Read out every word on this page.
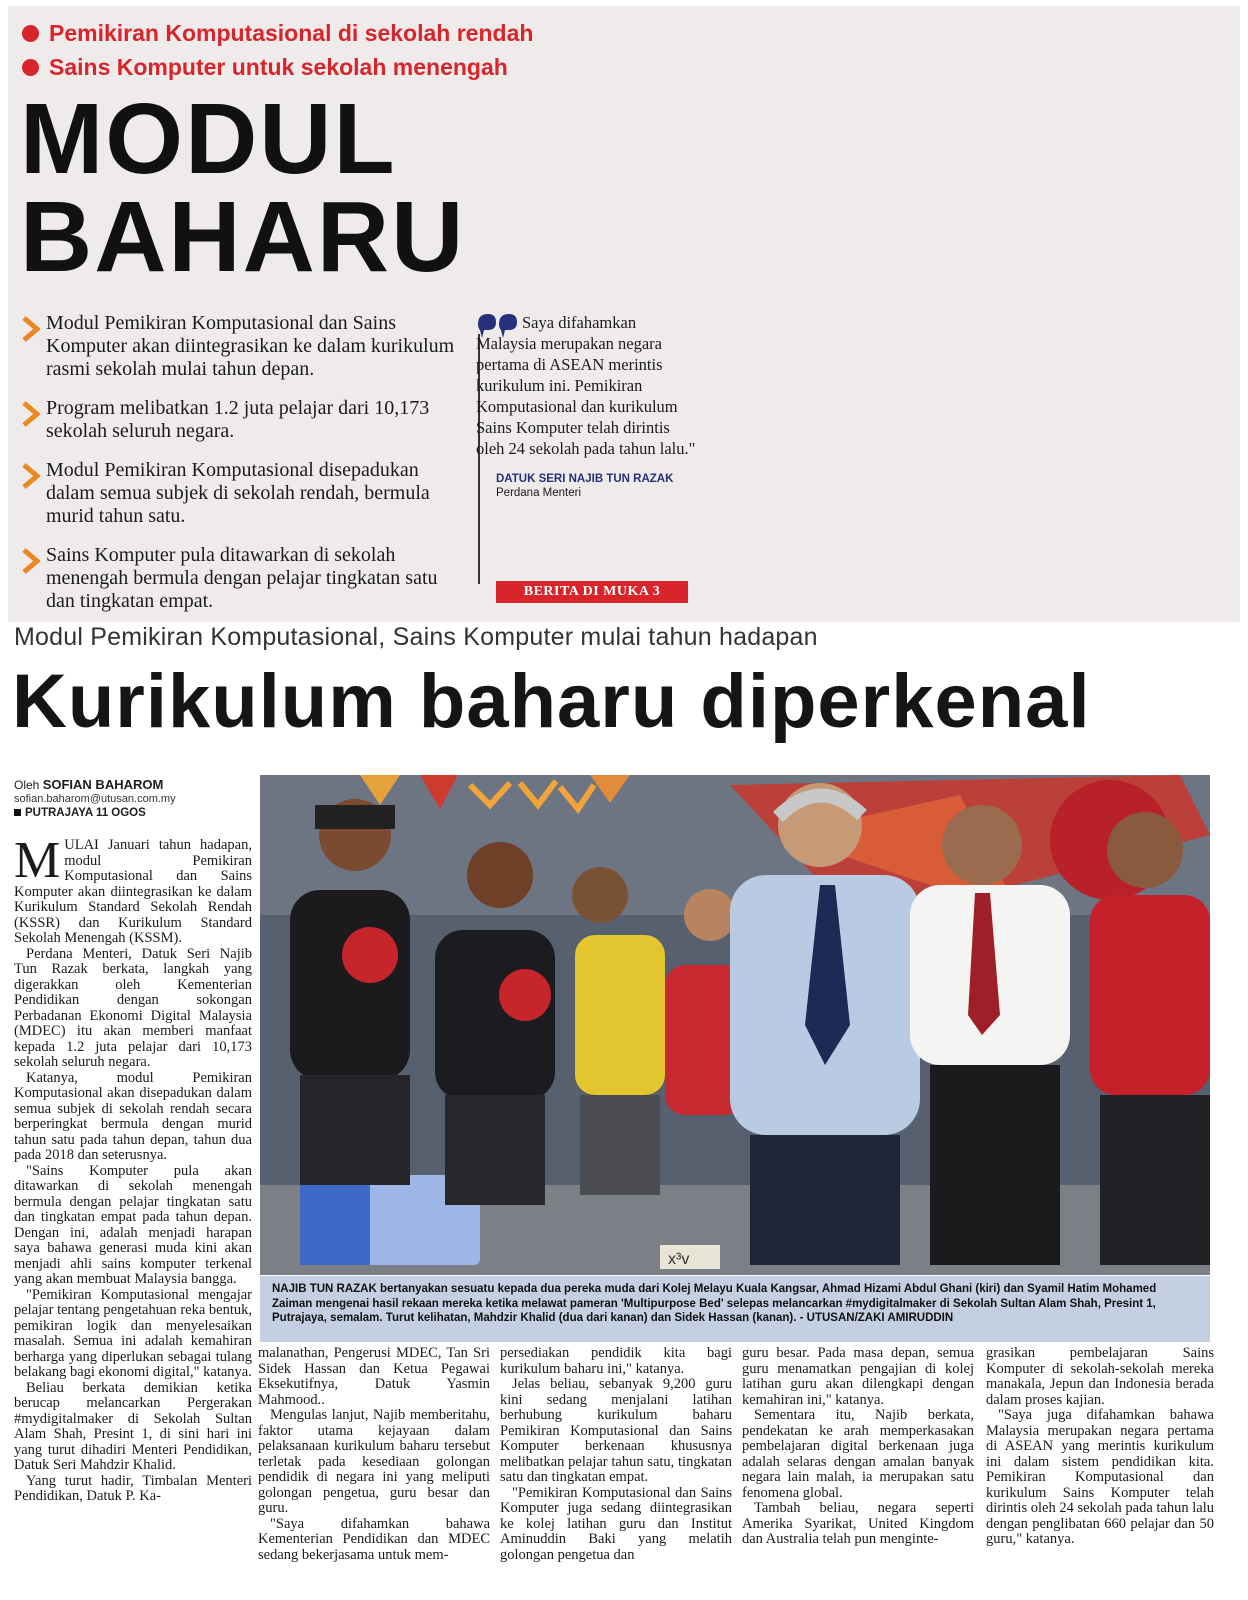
Pemikiran Komputasional di sekolah rendah
Sains Komputer untuk sekolah menengah
MODUL
BAHARU
Modul Pemikiran Komputasional dan Sains Komputer akan diintegrasikan ke dalam kurikulum rasmi sekolah mulai tahun depan.
Program melibatkan 1.2 juta pelajar dari 10,173 sekolah seluruh negara.
Modul Pemikiran Komputasional disepadukan dalam semua subjek di sekolah rendah, bermula murid tahun satu.
Sains Komputer pula ditawarkan di sekolah menengah bermula dengan pelajar tingkatan satu dan tingkatan empat.
Saya difahamkan Malaysia merupakan negara pertama di ASEAN merintis kurikulum ini. Pemikiran Komputasional dan kurikulum Sains Komputer telah dirintis oleh 24 sekolah pada tahun lalu."
DATUK SERI NAJIB TUN RAZAK
Perdana Menteri
BERITA DI MUKA 3
Modul Pemikiran Komputasional, Sains Komputer mulai tahun hadapan
Kurikulum baharu diperkenal
Oleh SOFIAN BAHAROM
sofian.baharom@utusan.com.my
PUTRAJAYA 11 OGOS
x³v
NAJIB TUN RAZAK bertanyakan sesuatu kepada dua pereka muda dari Kolej Melayu Kuala Kangsar, Ahmad Hizami Abdul Ghani (kiri) dan Syamil Hatim Mohamed Zaiman mengenai hasil rekaan mereka ketika melawat pameran 'Multipurpose Bed' selepas melancarkan #mydigitalmaker di Sekolah Sultan Alam Shah, Presint 1, Putrajaya, semalam. Turut kelihatan, Mahdzir Khalid (dua dari kanan) dan Sidek Hassan (kanan). - UTUSAN/ZAKI AMIRUDDIN

MULAI Januari tahun hadapan, modul Pemikiran Komputasional dan Sains Komputer akan diintegrasikan ke dalam Kurikulum Standard Sekolah Rendah (KSSR) dan Kurikulum Standard Sekolah Menengah (KSSM).

Perdana Menteri, Datuk Seri Najib Tun Razak berkata, langkah yang digerakkan oleh Kementerian Pendidikan dengan sokongan Perbadanan Ekonomi Digital Malaysia (MDEC) itu akan memberi manfaat kepada 1.2 juta pelajar dari 10,173 sekolah seluruh negara.

Katanya, modul Pemikiran Komputasional akan disepadukan dalam semua subjek di sekolah rendah secara berperingkat bermula dengan murid tahun satu pada tahun depan, tahun dua pada 2018 dan seterusnya.

"Sains Komputer pula akan ditawarkan di sekolah menengah bermula dengan pelajar tingkatan satu dan tingkatan empat pada tahun depan. Dengan ini, adalah menjadi harapan saya bahawa generasi muda kini akan menjadi ahli sains komputer terkenal yang akan membuat Malaysia bangga.

"Pemikiran Komputasional mengajar pelajar tentang pengetahuan reka bentuk, pemikiran logik dan menyelesaikan masalah. Semua ini adalah kemahiran berharga yang diperlukan sebagai tulang belakang bagi ekonomi digital," katanya.

Beliau berkata demikian ketika berucap melancarkan Pergerakan #mydigitalmaker di Sekolah Sultan Alam Shah, Presint 1, di sini hari ini yang turut dihadiri Menteri Pendidikan, Datuk Seri Mahdzir Khalid.

Yang turut hadir, Timbalan Menteri Pendidikan, Datuk P. Ka-

malanathan, Pengerusi MDEC, Tan Sri Sidek Hassan dan Ketua Pegawai Eksekutifnya, Datuk Yasmin Mahmood..

Mengulas lanjut, Najib memberitahu, faktor utama kejayaan dalam pelaksanaan kurikulum baharu tersebut terletak pada kesediaan golongan pendidik di negara ini yang meliputi golongan pengetua, guru besar dan guru.

"Saya difahamkan bahawa Kementerian Pendidikan dan MDEC sedang bekerjasama untuk mem-

persediakan pendidik kita bagi kurikulum baharu ini," katanya.

Jelas beliau, sebanyak 9,200 guru kini sedang menjalani latihan berhubung kurikulum baharu Pemikiran Komputasional dan Sains Komputer berkenaan khususnya melibatkan pelajar tahun satu, tingkatan satu dan tingkatan empat.

"Pemikiran Komputasional dan Sains Komputer juga sedang diintegrasikan ke kolej latihan guru dan Institut Aminuddin Baki yang melatih golongan pengetua dan

guru besar. Pada masa depan, semua guru menamatkan pengajian di kolej latihan guru akan dilengkapi dengan kemahiran ini," katanya.

Sementara itu, Najib berkata, pendekatan ke arah memperkasakan pembelajaran digital berkenaan juga adalah selaras dengan amalan banyak negara lain malah, ia merupakan satu fenomena global.

Tambah beliau, negara seperti Amerika Syarikat, United Kingdom dan Australia telah pun menginte-

grasikan pembelajaran Sains Komputer di sekolah-sekolah mereka manakala, Jepun dan Indonesia berada dalam proses kajian.

"Saya juga difahamkan bahawa Malaysia merupakan negara pertama di ASEAN yang merintis kurikulum ini dalam sistem pendidikan kita. Pemikiran Komputasional dan kurikulum Sains Komputer telah dirintis oleh 24 sekolah pada tahun lalu dengan penglibatan 660 pelajar dan 50 guru," katanya.
